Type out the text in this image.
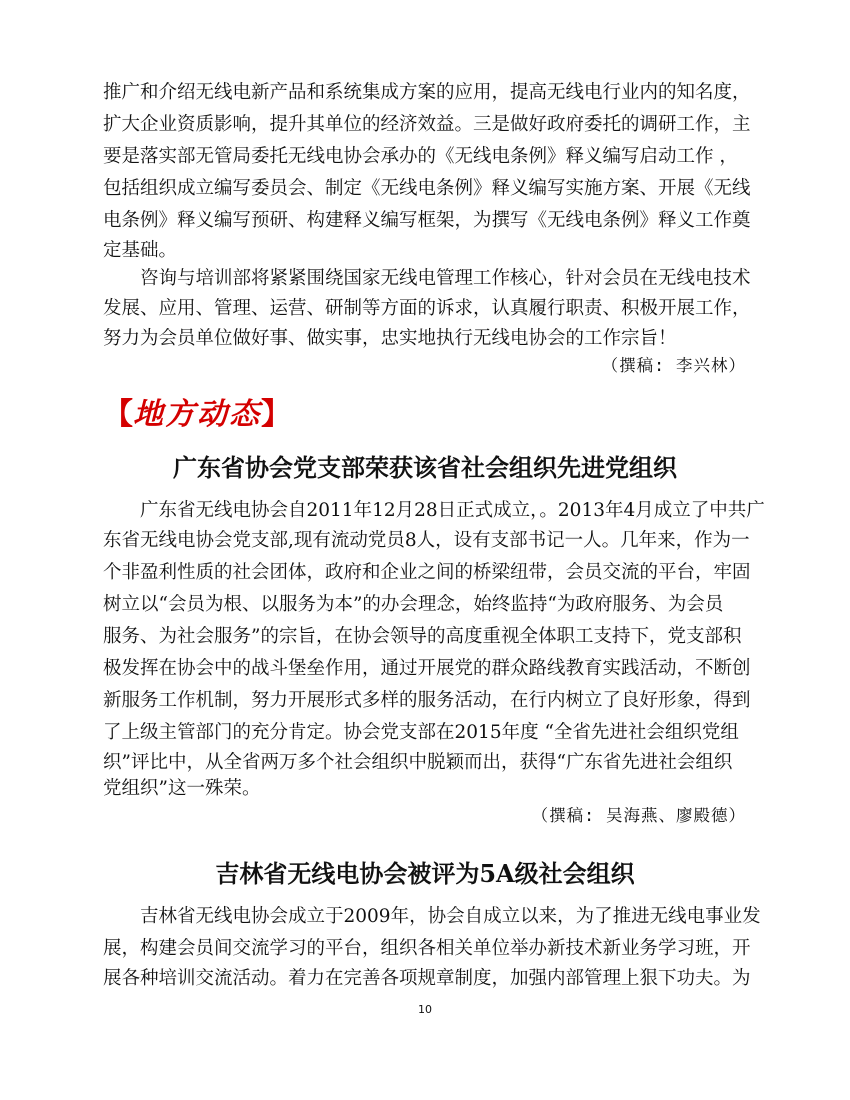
推广和介绍无线电新产品和系统集成方案的应用，提高无线电行业内的知名度，
扩大企业资质影响，提升其单位的经济效益。三是做好政府委托的调研工作，主
要是落实部无管局委托无线电协会承办的《无线电条例》释义编写启动工作 ，
包括组织成立编写委员会、制定《无线电条例》释义编写实施方案、开展《无线
电条例》释义编写预研、构建释义编写框架，为撰写《无线电条例》释义工作奠
定基础。
咨询与培训部将紧紧围绕国家无线电管理工作核心，针对会员在无线电技术
发展、应用、管理、运营、研制等方面的诉求，认真履行职责、积极开展工作，
努力为会员单位做好事、做实事，忠实地执行无线电协会的工作宗旨！
（撰稿: 李兴林）
【地方动态】
广东省协会党支部荣获该省社会组织先进党组织
广东省无线电协会自2011年12月28日正式成立，。2013年4月成立了中共广
东省无线电协会党支部,现有流动党员8人，设有支部书记一人。几年来，作为一
个非盈利性质的社会团体，政府和企业之间的桥梁纽带，会员交流的平台，牢固
树立以“会员为根、以服务为本”的办会理念，始终监持“为政府服务、为会员
服务、为社会服务”的宗旨，在协会领导的高度重视全体职工支持下，党支部积
极发挥在协会中的战斗堡垒作用，通过开展党的群众路线教育实践活动，不断创
新服务工作机制，努力开展形式多样的服务活动，在行内树立了良好形象，得到
了上级主管部门的充分肯定。协会党支部在2015年度 “全省先进社会组织党组
织”评比中，从全省两万多个社会组织中脱颖而出，获得“广东省先进社会组织
党组织”这一殊荣。
（撰稿: 吴海燕、廖殿德）
吉林省无线电协会被评为5A级社会组织
吉林省无线电协会成立于2009年，协会自成立以来，为了推进无线电事业发
展，构建会员间交流学习的平台，组织各相关单位举办新技术新业务学习班，开
展各种培训交流活动。着力在完善各项规章制度，加强内部管理上狠下功夫。为
10
